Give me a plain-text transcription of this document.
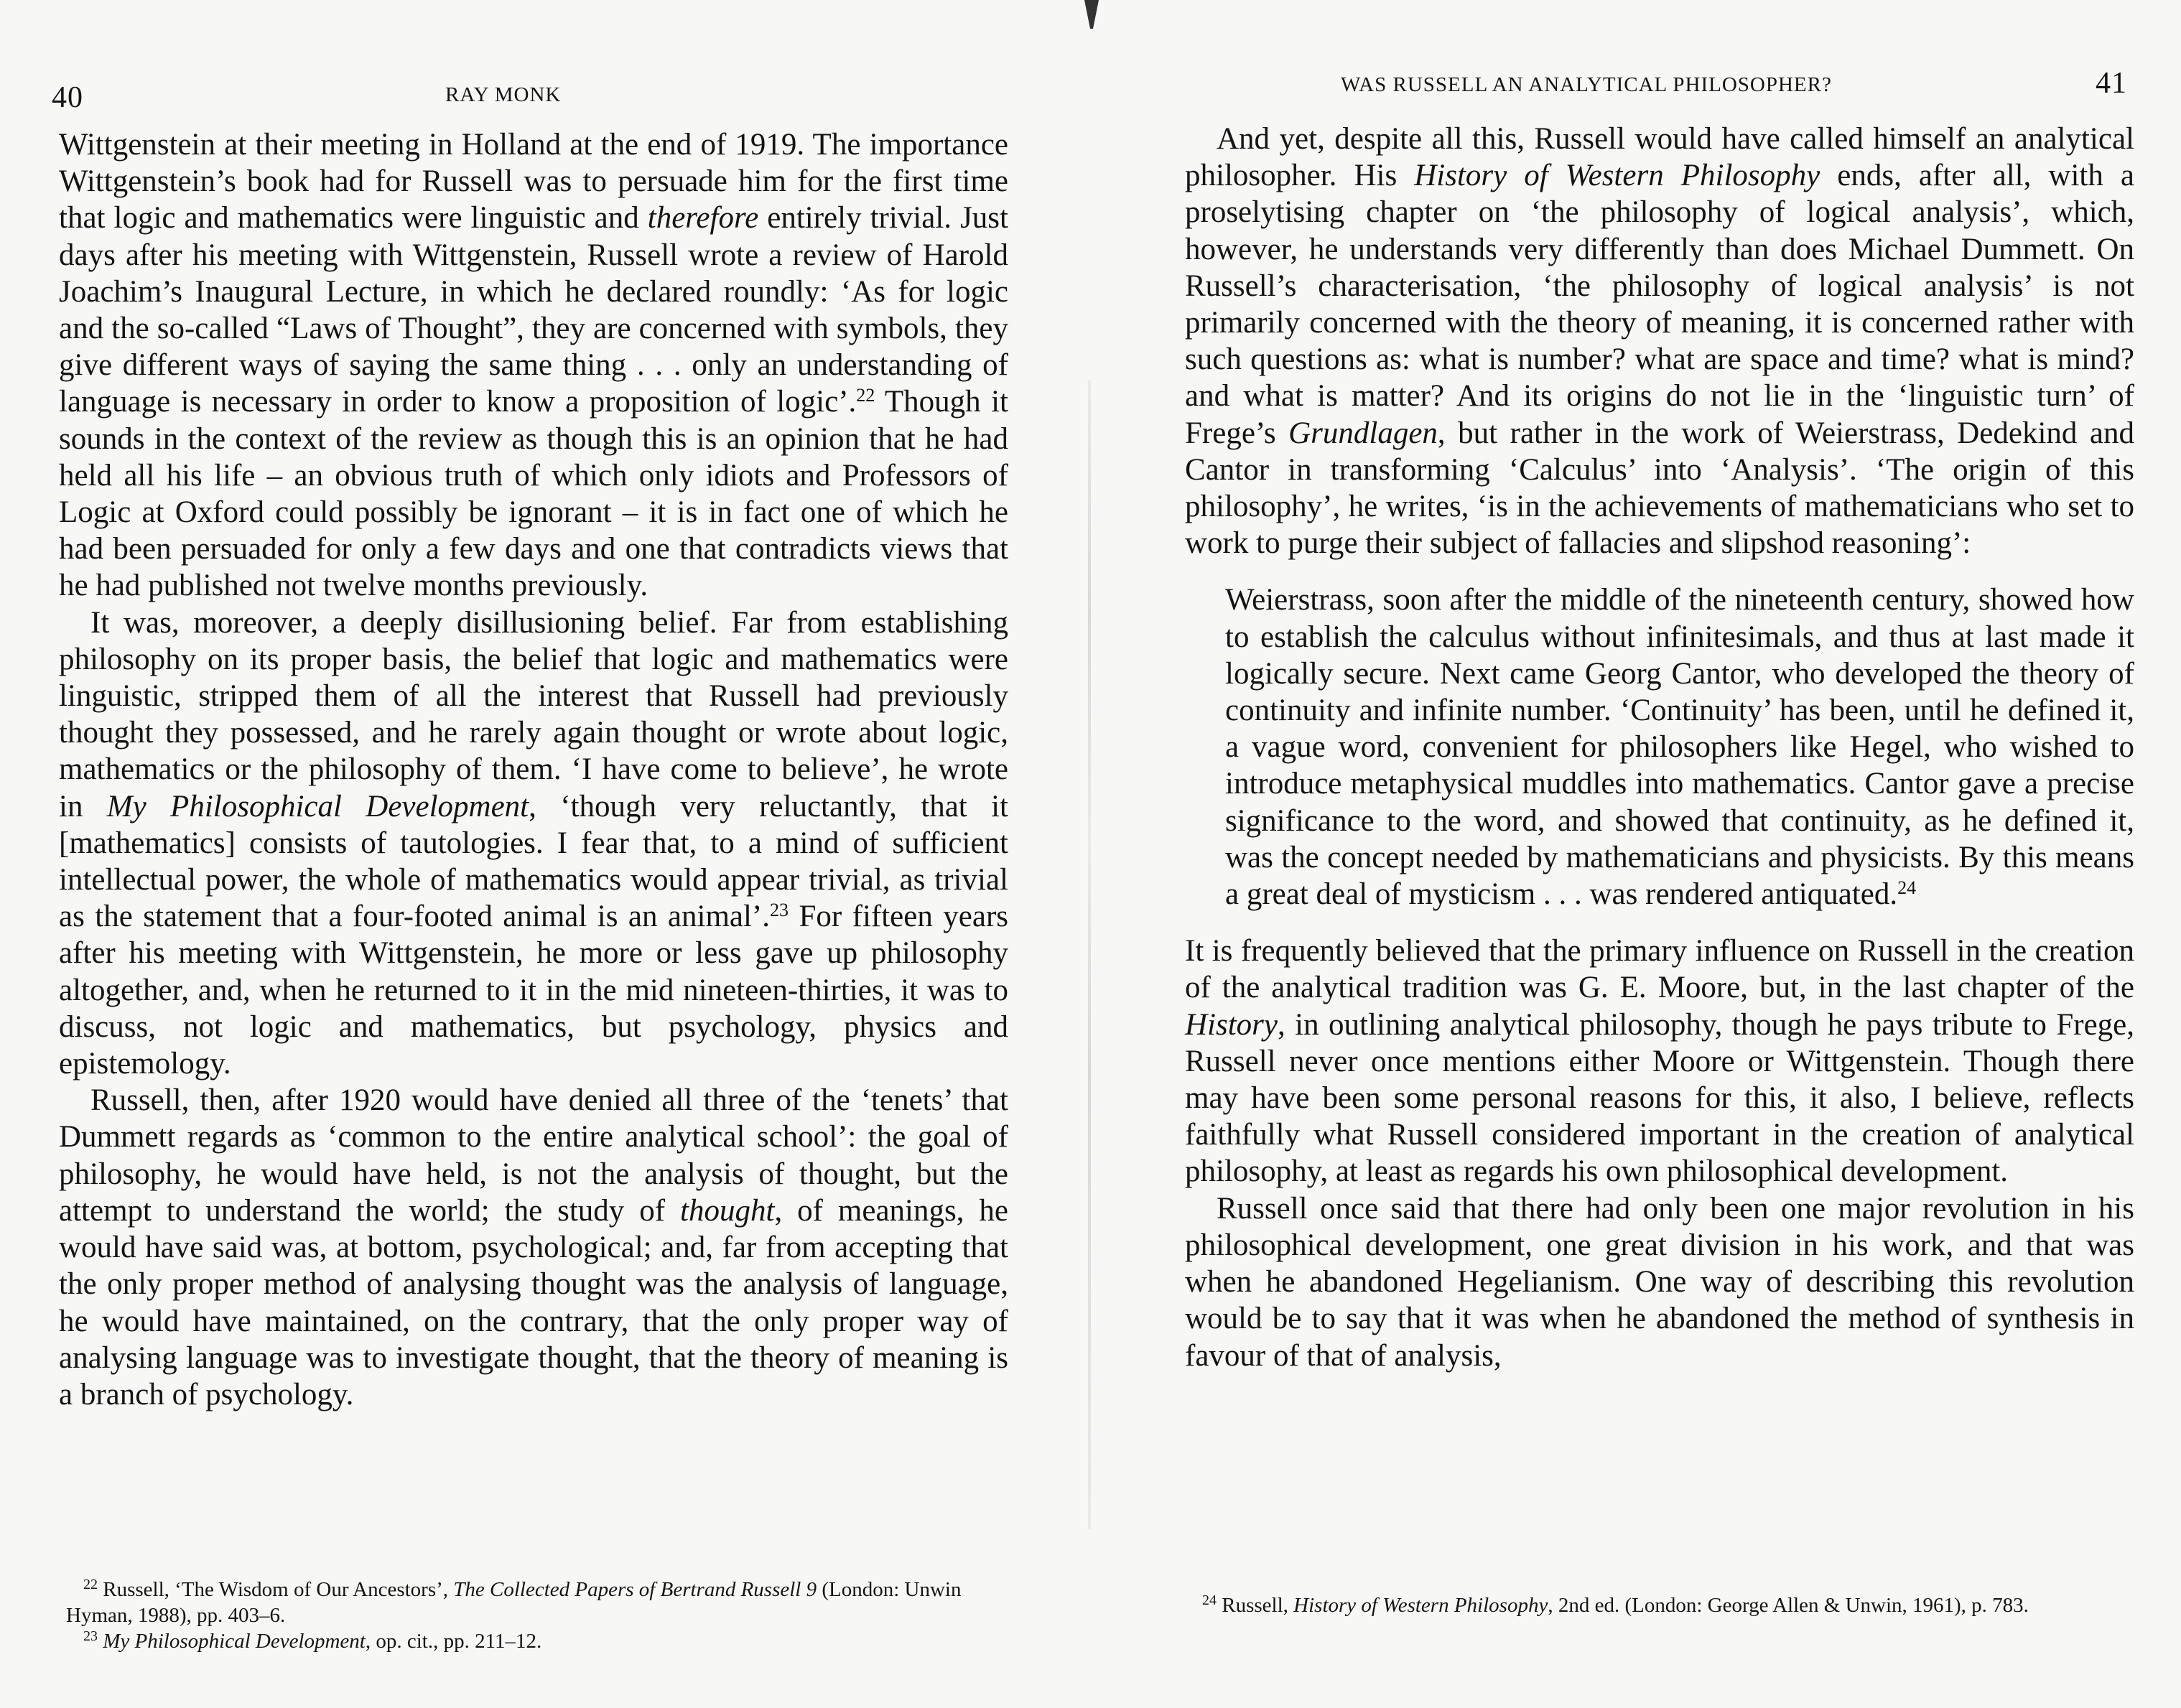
40	RAY MONK

Wittgenstein at their meeting in Holland at the end of 1919. The importance Wittgenstein’s book had for Russell was to persuade him for the first time that logic and mathematics were linguistic and therefore entirely trivial. Just days after his meeting with Wittgenstein, Russell wrote a review of Harold Joachim’s Inaugural Lecture, in which he declared roundly: ‘As for logic and the so-called “Laws of Thought”, they are concerned with symbols, they give different ways of saying the same thing . . . only an understanding of language is necessary in order to know a proposition of logic’.$^{22}$ Though it sounds in the context of the review as though this is an opinion that he had held all his life – an obvious truth of which only idiots and Professors of Logic at Oxford could possibly be ignorant – it is in fact one of which he had been persuaded for only a few days and one that contradicts views that he had published not twelve months previously.

It was, moreover, a deeply disillusioning belief. Far from establishing philosophy on its proper basis, the belief that logic and mathematics were linguistic, stripped them of all the interest that Russell had previously thought they possessed, and he rarely again thought or wrote about logic, mathematics or the philosophy of them. ‘I have come to believe’, he wrote in My Philosophical Development, ‘though very reluctantly, that it [mathematics] consists of tautologies. I fear that, to a mind of sufficient intellectual power, the whole of mathematics would appear trivial, as trivial as the statement that a four-footed animal is an animal’.$^{23}$ For fifteen years after his meeting with Wittgenstein, he more or less gave up philosophy altogether, and, when he returned to it in the mid nineteen-thirties, it was to discuss, not logic and mathematics, but psychology, physics and epistemology.

Russell, then, after 1920 would have denied all three of the ‘tenets’ that Dummett regards as ‘common to the entire analytical school’: the goal of philosophy, he would have held, is not the analysis of thought, but the attempt to understand the world; the study of thought, of meanings, he would have said was, at bottom, psychological; and, far from accepting that the only proper method of analysing thought was the analysis of language, he would have maintained, on the contrary, that the only proper way of analysing language was to investigate thought, that the theory of meaning is a branch of psychology.

$^{22}$ Russell, ‘The Wisdom of Our Ancestors’, The Collected Papers of Bertrand Russell 9 (London: Unwin Hyman, 1988), pp. 403–6.

$^{23}$ My Philosophical Development, op. cit., pp. 211–12.

WAS RUSSELL AN ANALYTICAL PHILOSOPHER?	41

And yet, despite all this, Russell would have called himself an analytical philosopher. His History of Western Philosophy ends, after all, with a proselytising chapter on ‘the philosophy of logical analysis’, which, however, he understands very differently than does Michael Dummett. On Russell’s characterisation, ‘the philosophy of logical analysis’ is not primarily concerned with the theory of meaning, it is concerned rather with such questions as: what is number? what are space and time? what is mind? and what is matter? And its origins do not lie in the ‘linguistic turn’ of Frege’s Grundlagen, but rather in the work of Weierstrass, Dedekind and Cantor in transforming ‘Calculus’ into ‘Analysis’. ‘The origin of this philosophy’, he writes, ‘is in the achievements of mathematicians who set to work to purge their subject of fallacies and slipshod reasoning’:

Weierstrass, soon after the middle of the nineteenth century, showed how to establish the calculus without infinitesimals, and thus at last made it logically secure. Next came Georg Cantor, who developed the theory of continuity and infinite number. ‘Continuity’ has been, until he defined it, a vague word, convenient for philosophers like Hegel, who wished to introduce metaphysical muddles into mathematics. Cantor gave a precise significance to the word, and showed that continuity, as he defined it, was the concept needed by mathematicians and physicists. By this means a great deal of mysticism . . . was rendered antiquated.$^{24}$

It is frequently believed that the primary influence on Russell in the creation of the analytical tradition was G. E. Moore, but, in the last chapter of the History, in outlining analytical philosophy, though he pays tribute to Frege, Russell never once mentions either Moore or Wittgenstein. Though there may have been some personal reasons for this, it also, I believe, reflects faithfully what Russell considered important in the creation of analytical philosophy, at least as regards his own philosophical development.

Russell once said that there had only been one major revolution in his philosophical development, one great division in his work, and that was when he abandoned Hegelianism. One way of describing this revolution would be to say that it was when he abandoned the method of synthesis in favour of that of analysis,

$^{24}$ Russell, History of Western Philosophy, 2nd ed. (London: George Allen & Unwin, 1961), p. 783.
